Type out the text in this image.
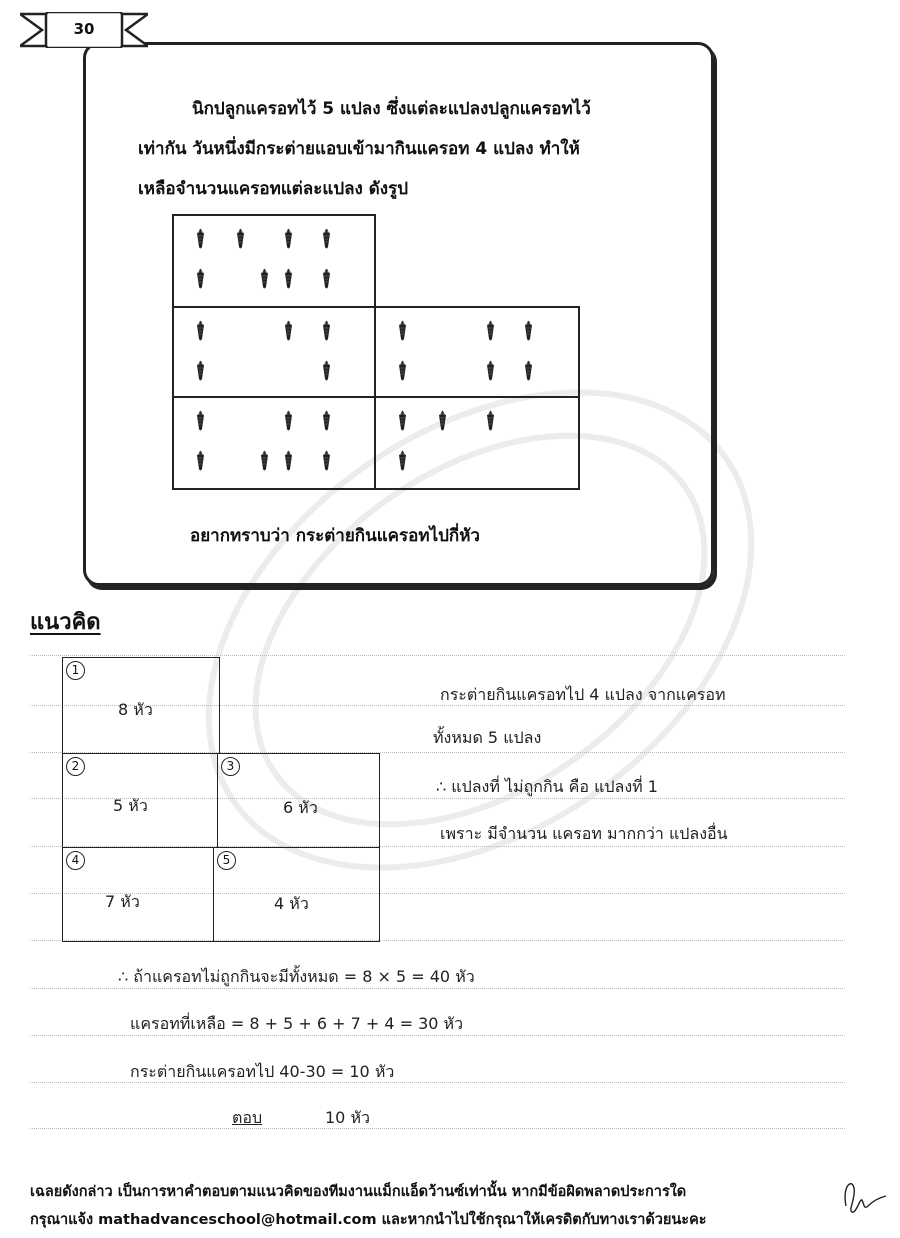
30
นิกปลูกแครอทไว้ 5 แปลง ซึ่งแต่ละแปลงปลูกแครอทไว้
เท่ากัน วันหนึ่งมีกระต่ายแอบเข้ามากินแครอท 4 แปลง ทำให้
เหลือจำนวนแครอทแต่ละแปลง ดังรูป
อยากทราบว่า กระต่ายกินแครอทไปกี่หัว
แนวคิด
1
8 หัว
2
5 หัว
3
6 หัว
4
7 หัว
5
4 หัว
กระต่ายกินแครอทไป 4 แปลง จากแครอท
ทั้งหมด 5 แปลง
∴ แปลงที่ ไม่ถูกกิน คือ แปลงที่ 1
เพราะ มีจำนวน แครอท มากกว่า แปลงอื่น
∴ ถ้าแครอทไม่ถูกกินจะมีทั้งหมด = 8 × 5 = 40 หัว
แครอทที่เหลือ = 8 + 5 + 6 + 7 + 4 = 30 หัว
กระต่ายกินแครอทไป 40-30 = 10 หัว
ตอบ	10 หัว
เฉลยดังกล่าว เป็นการหาคำตอบตามแนวคิดของทีมงานแม็กแอ็ดว้านซ์เท่านั้น หากมีข้อผิดพลาดประการใด
กรุณาแจ้ง mathadvanceschool@hotmail.com และหากนำไปใช้กรุณาให้เครดิตกับทางเราด้วยนะคะ
